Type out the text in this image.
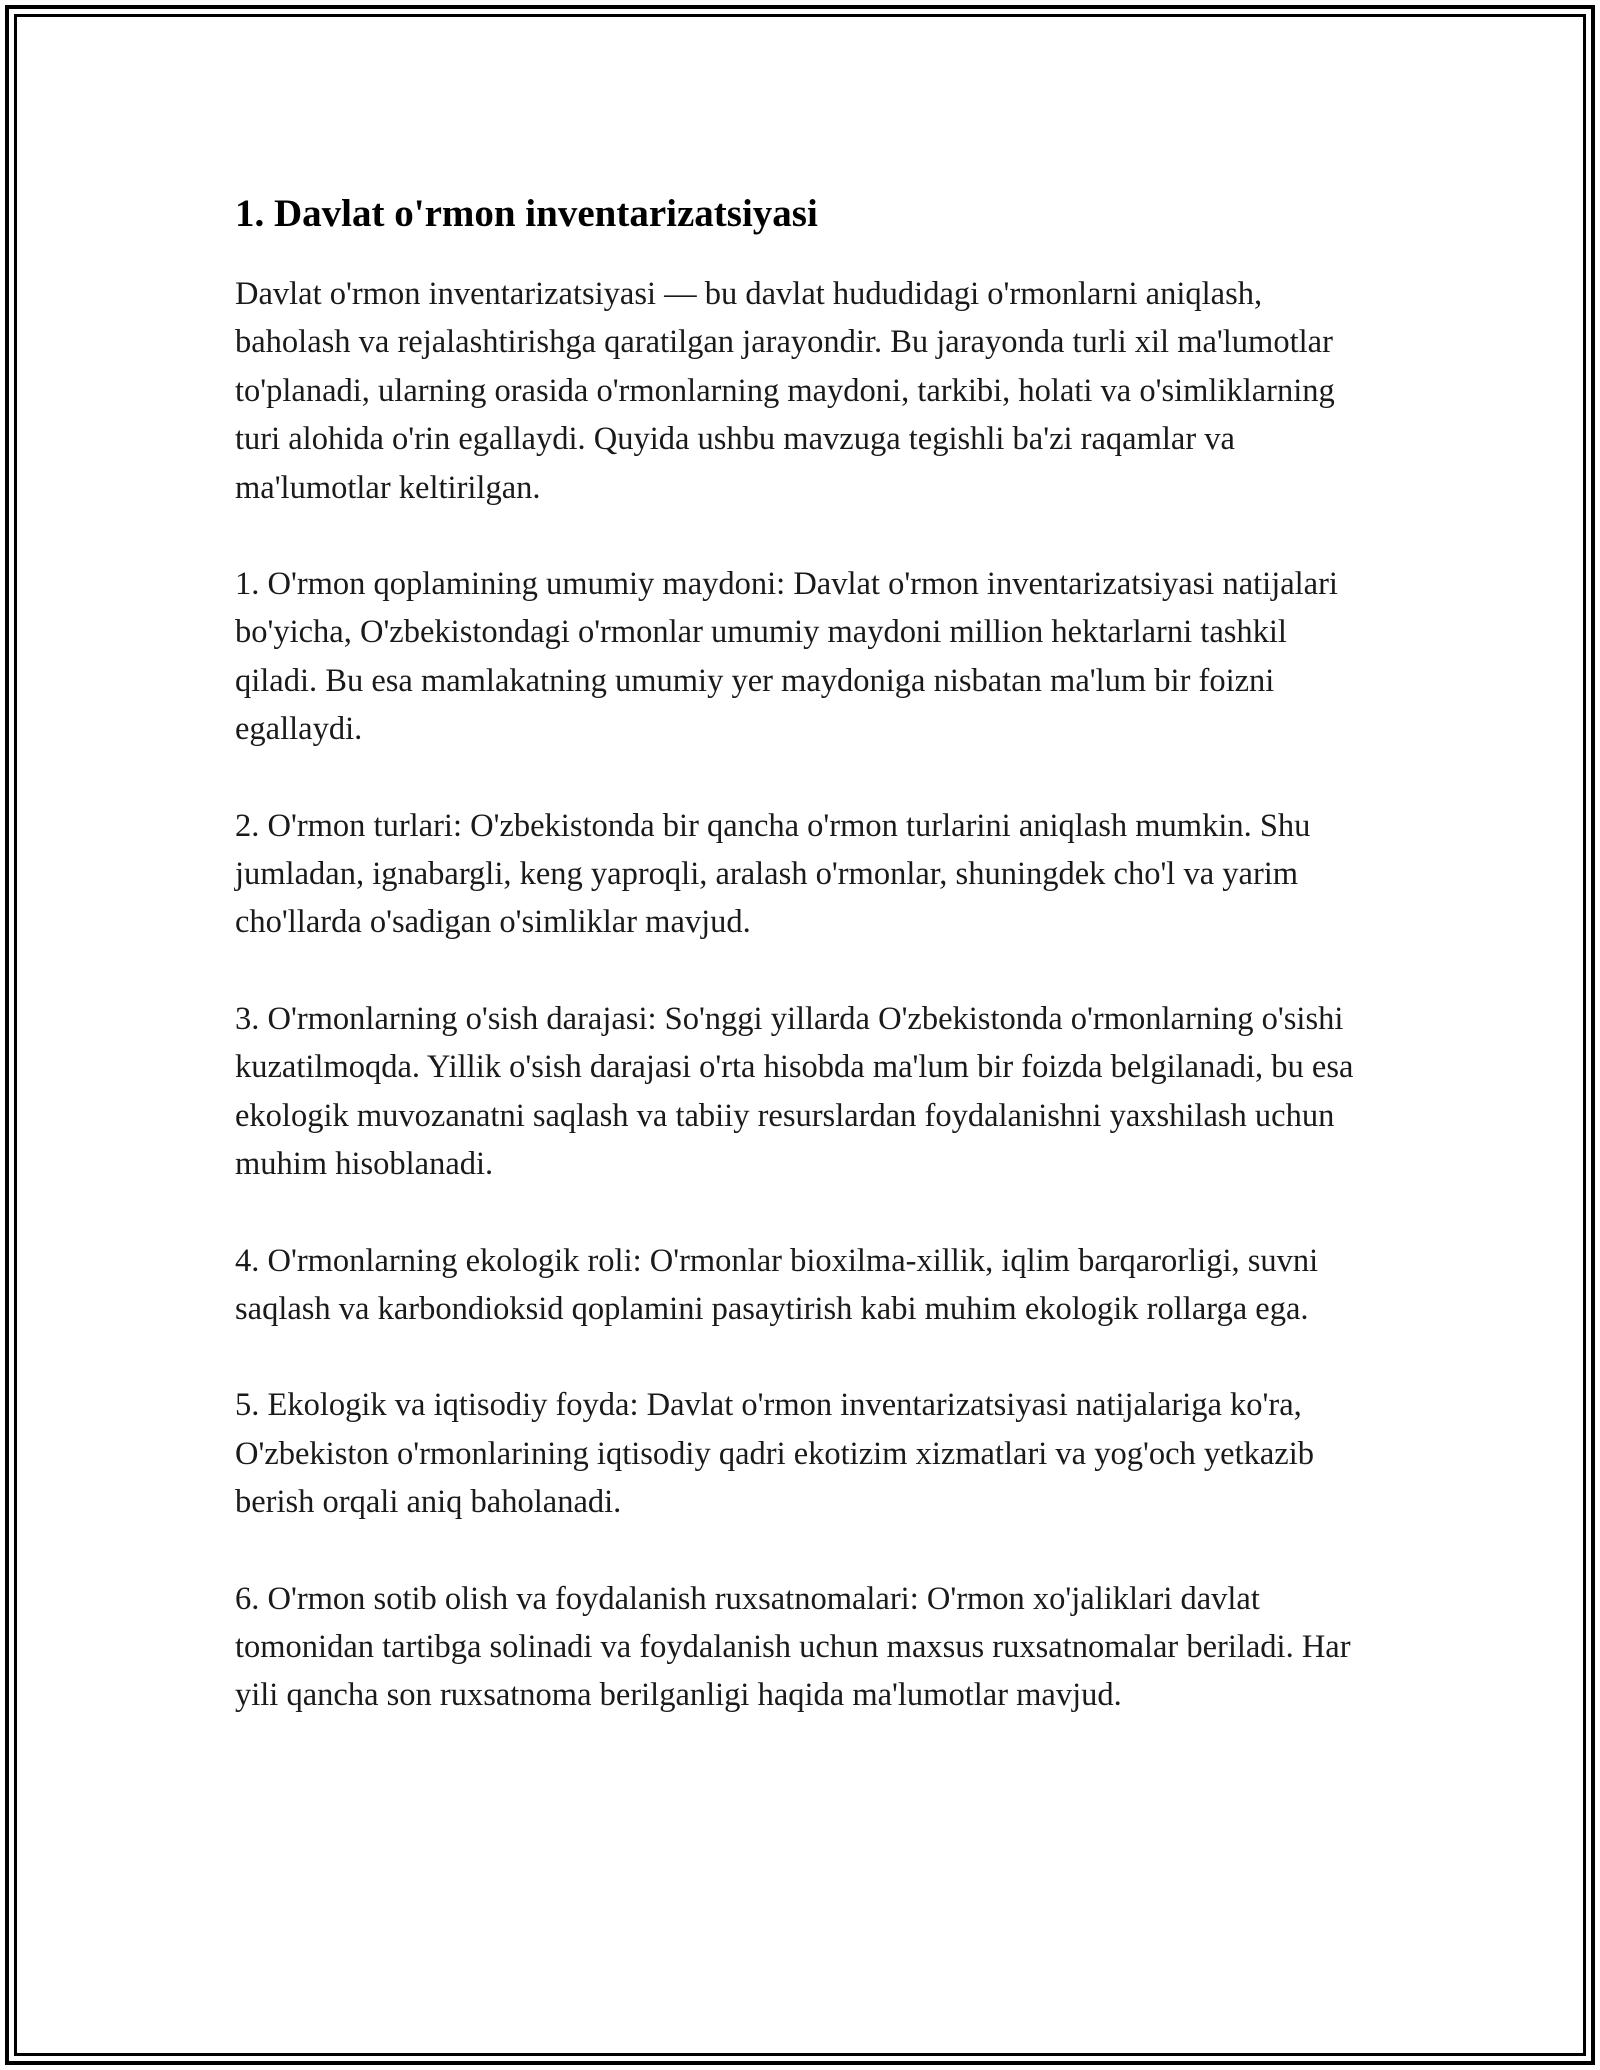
1. Davlat o'rmon inventarizatsiyasi

Davlat o'rmon inventarizatsiyasi — bu davlat hududidagi o'rmonlarni aniqlash, baholash va rejalashtirishga qaratilgan jarayondir. Bu jarayonda turli xil ma'lumotlar to'planadi, ularning orasida o'rmonlarning maydoni, tarkibi, holati va o'simliklarning turi alohida o'rin egallaydi. Quyida ushbu mavzuga tegishli ba'zi raqamlar va ma'lumotlar keltirilgan.

1. O'rmon qoplamining umumiy maydoni: Davlat o'rmon inventarizatsiyasi natijalari bo'yicha, O'zbekistondagi o'rmonlar umumiy maydoni million hektarlarni tashkil qiladi. Bu esa mamlakatning umumiy yer maydoniga nisbatan ma'lum bir foizni egallaydi.

2. O'rmon turlari: O'zbekistonda bir qancha o'rmon turlarini aniqlash mumkin. Shu jumladan, ignabargli, keng yaproqli, aralash o'rmonlar, shuningdek cho'l va yarim cho'llarda o'sadigan o'simliklar mavjud.

3. O'rmonlarning o'sish darajasi: So'nggi yillarda O'zbekistonda o'rmonlarning o'sishi kuzatilmoqda. Yillik o'sish darajasi o'rta hisobda ma'lum bir foizda belgilanadi, bu esa ekologik muvozanatni saqlash va tabiiy resurslardan foydalanishni yaxshilash uchun muhim hisoblanadi.

4. O'rmonlarning ekologik roli: O'rmonlar bioxilma-xillik, iqlim barqarorligi, suvni saqlash va karbondioksid qoplamini pasaytirish kabi muhim ekologik rollarga ega.

5. Ekologik va iqtisodiy foyda: Davlat o'rmon inventarizatsiyasi natijalariga ko'ra, O'zbekiston o'rmonlarining iqtisodiy qadri ekotizim xizmatlari va yog'och yetkazib berish orqali aniq baholanadi.

6. O'rmon sotib olish va foydalanish ruxsatnomalari: O'rmon xo'jaliklari davlat tomonidan tartibga solinadi va foydalanish uchun maxsus ruxsatnomalar beriladi. Har yili qancha son ruxsatnoma berilganligi haqida ma'lumotlar mavjud.
